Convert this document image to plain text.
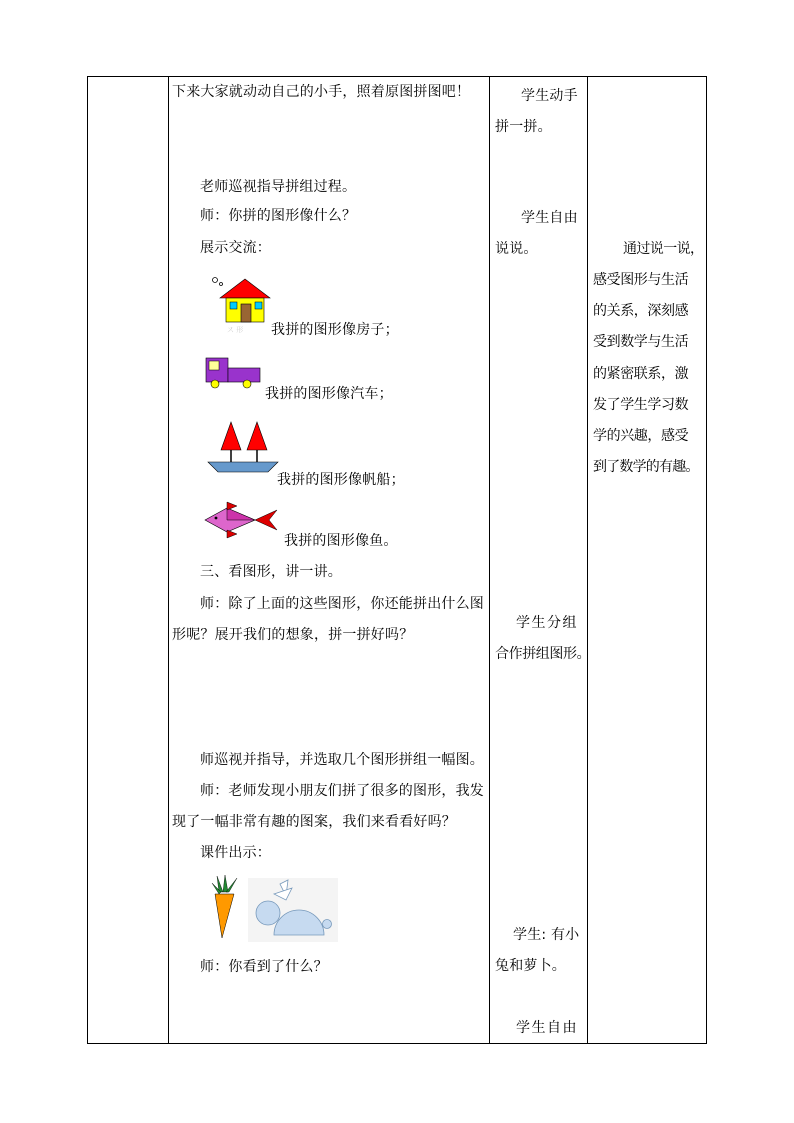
下来大家就动动自己的小手，照着原图拼图吧！
老师巡视指导拼组过程。
师：你拼的图形像什么？
展示交流：
ス 形 我拼的图形像房子；
我拼的图形像汽车；
我拼的图形像帆船；
我拼的图形像鱼。
三、看图形，讲一讲。
师：除了上面的这些图形，你还能拼出什么图
形呢？展开我们的想象，拼一拼好吗？
师巡视并指导，并选取几个图形拼组一幅图。
师：老师发现小朋友们拼了很多的图形，我发
现了一幅非常有趣的图案，我们来看看好吗？
课件出示：
师：你看到了什么？
学生动手
拼一拼。
学生自由
说说。
学生分组
合作拼组图形。
学生: 有小
兔和萝卜。
学生自由
通过说一说，
感受图形与生活
的关系，深刻感
受到数学与生活
的紧密联系，激
发了学生学习数
学的兴趣，感受
到了数学的有趣。
